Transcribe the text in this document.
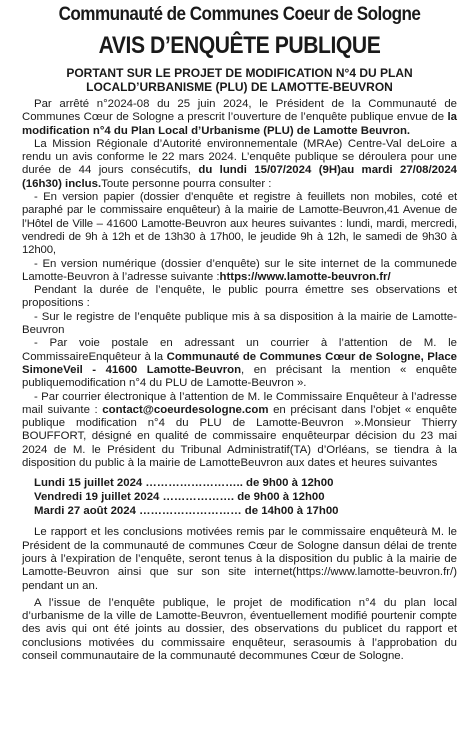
Communauté de Communes Coeur de Sologne
AVIS D’ENQUÊTE PUBLIQUE
PORTANT SUR LE PROJET DE MODIFICATION N°4 DU PLAN
LOCALD’URBANISME (PLU) DE LAMOTTE-BEUVRON

Par arrêté n°2024-08 du 25 juin 2024, le Président de la Communauté de Communes Cœur de Sologne a prescrit l’ouverture de l’enquête publique envue de la modification n°4 du Plan Local d’Urbanisme (PLU) de Lamotte Beuvron.

La Mission Régionale d’Autorité environnementale (MRAe) Centre-Val deLoire a rendu un avis conforme le 22 mars 2024. L’enquête publique se déroulera pour une durée de 44 jours consécutifs, du lundi 15/07/2024 (9H)au mardi 27/08/2024 (16h30) inclus.Toute personne pourra consulter :

- En version papier (dossier d’enquête et registre à feuillets non mobiles, coté et paraphé par le commissaire enquêteur) à la mairie de Lamotte-Beuvron,41 Avenue de l’Hôtel de Ville – 41600 Lamotte-Beuvron aux heures suivantes : lundi, mardi, mercredi, vendredi de 9h à 12h et de 13h30 à 17h00, le jeudide 9h à 12h, le samedi de 9h30 à 12h00,

- En version numérique (dossier d’enquête) sur le site internet de la communede Lamotte-Beuvron à l’adresse suivante :https://www.lamotte-beuvron.fr/

Pendant la durée de l’enquête, le public pourra émettre ses observations et propositions :

- Sur le registre de l’enquête publique mis à sa disposition à la mairie de Lamotte-Beuvron

- Par voie postale en adressant un courrier à l’attention de M. le CommissaireEnquêteur à la Communauté de Communes Cœur de Sologne, Place SimoneVeil - 41600 Lamotte-Beuvron, en précisant la mention « enquête publiquemodification n°4 du PLU de Lamotte-Beuvron ».

- Par courrier électronique à l’attention de M. le Commissaire Enquêteur à l’adresse mail suivante : contact@coeurdesologne.com en précisant dans l’objet « enquête publique modification n°4 du PLU de Lamotte-Beuvron ».Monsieur Thierry BOUFFORT, désigné en qualité de commissaire enquêteurpar décision du 23 mai 2024 de M. le Président du Tribunal Administratif(TA) d’Orléans, se tiendra à la disposition du public à la mairie de LamotteBeuvron aux dates et heures suivantes

Lundi 15 juillet 2024 …………………….. de 9h00 à 12h00
Vendredi 19 juillet 2024 ………………. de 9h00 à 12h00
Mardi 27 août 2024 ……………………… de 14h00 à 17h00

Le rapport et les conclusions motivées remis par le commissaire enquêteurà M. le Président de la communauté de communes Cœur de Sologne dansun délai de trente jours à l’expiration de l’enquête, seront tenus à la disposition du public à la mairie de Lamotte-Beuvron ainsi que sur son site internet(https://www.lamotte-beuvron.fr/) pendant un an.

A l’issue de l’enquête publique, le projet de modification n°4 du plan local d’urbanisme de la ville de Lamotte-Beuvron, éventuellement modifié pourtenir compte des avis qui ont été joints au dossier, des observations du publicet du rapport et conclusions motivées du commissaire enquêteur, serasoumis à l’approbation du conseil communautaire de la communauté decommunes Cœur de Sologne.
